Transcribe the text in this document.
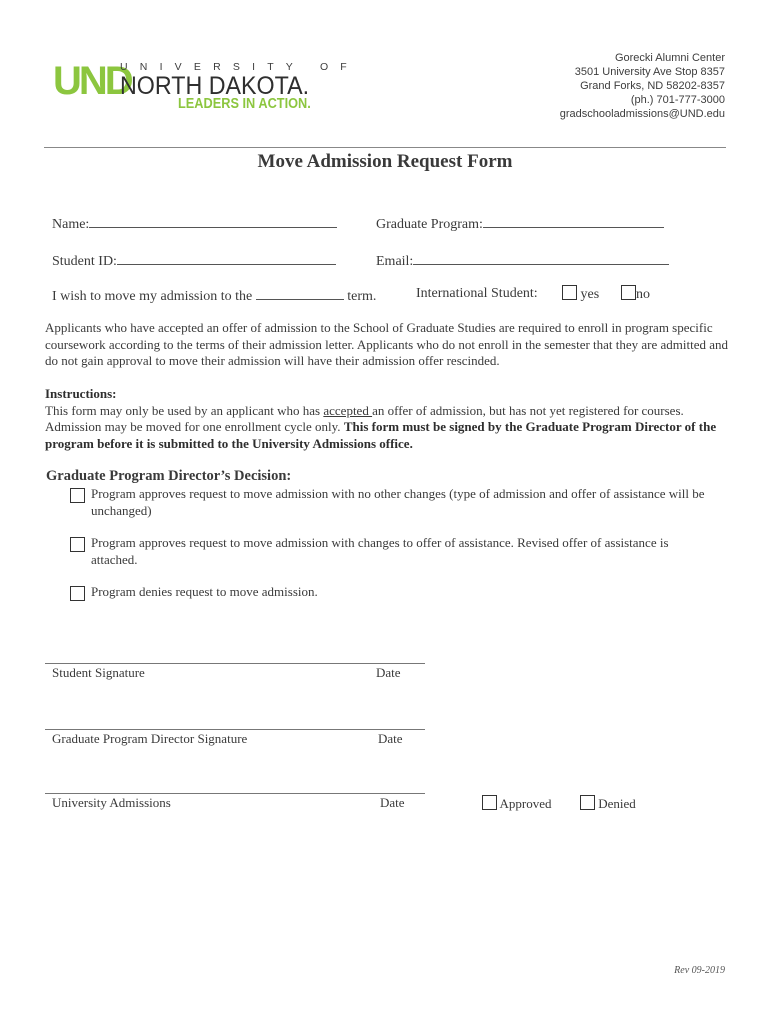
UND
UNIVERSITY OF
NORTH DAKOTA.
LEADERS IN ACTION.
Gorecki Alumni Center
3501 University Ave Stop 8357
Grand Forks, ND 58202-8357
(ph.) 701-777-3000
gradschooladmissions@UND.edu
Move Admission Request Form
Name:	Graduate Program:
Student ID:	Email:
I wish to move my admission to the	term.	International Student:	yes	no
Applicants who have accepted an offer of admission to the School of Graduate Studies are required to enroll in program specific coursework according to the terms of their admission letter. Applicants who do not enroll in the semester that they are admitted and do not gain approval to move their admission will have their admission offer rescinded.
Instructions:
This form may only be used by an applicant who has accepted an offer of admission, but has not yet registered for courses. Admission may be moved for one enrollment cycle only. This form must be signed by the Graduate Program Director of the program before it is submitted to the University Admissions office.
Graduate Program Director’s Decision:
Program approves request to move admission with no other changes (type of admission and offer of assistance will be unchanged)
Program approves request to move admission with changes to offer of assistance. Revised offer of assistance is attached.
Program denies request to move admission.
Student Signature	Date
Graduate Program Director Signature	Date
University Admissions	Date	Approved	Denied
Rev 09-2019
